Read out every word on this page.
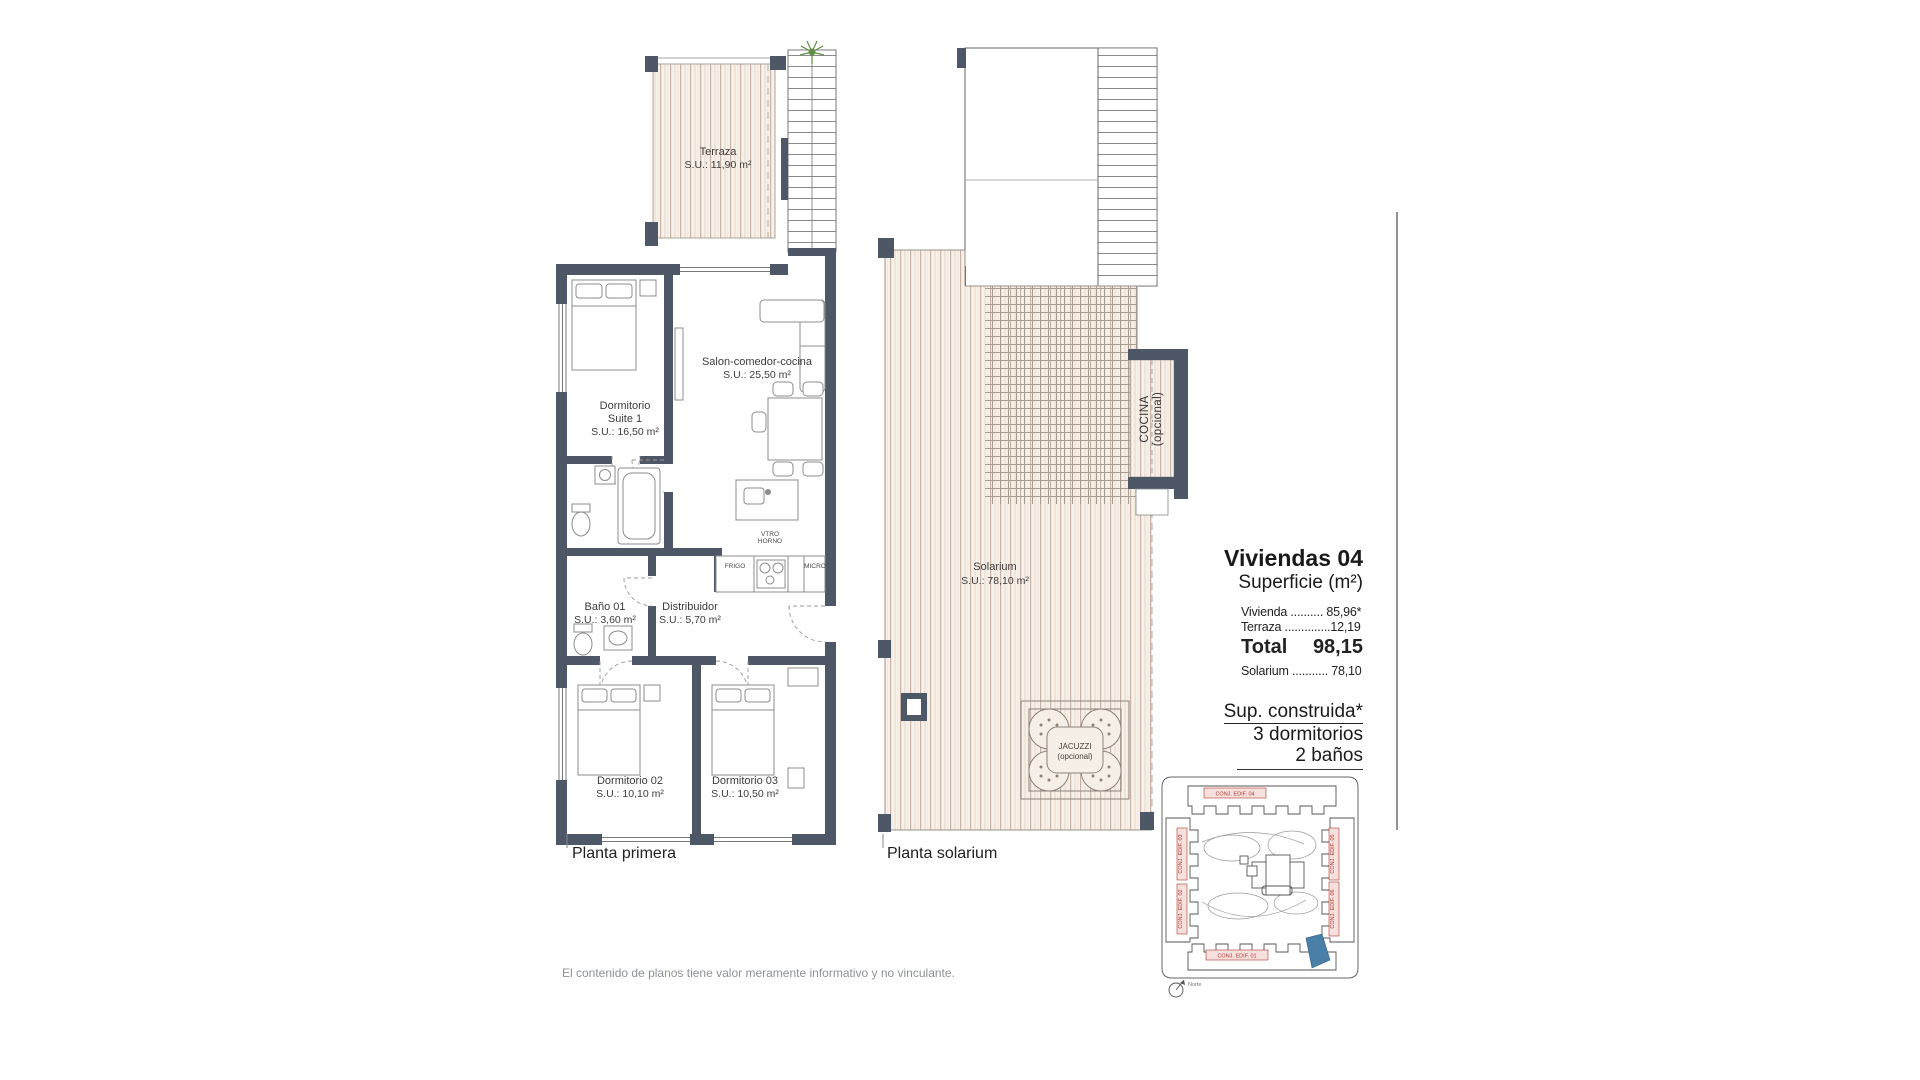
CONJ. EDIF. 04
CONJ. EDIF. 01
CONJ. EDIF. 03
CONJ. EDIF. 02
CONJ. EDIF. 05
CONJ. EDIF. 06
Norte
Terraza
S.U.: 11,90 m²
Salon-comedor-cocina
S.U.: 25,50 m²
Dormitorio
Suite 1
S.U.: 16,50 m²
Baño 01
S.U.: 3,60 m²
Distribuidor
S.U.: 5,70 m²
Dormitorio 02
S.U.: 10,10 m²
Dormitorio 03
S.U.: 10,50 m²
VTRO
HORNO
FRIGO	MICRO
Planta primera
Solarium
S.U.: 78,10 m²
JACUZZI
(opcional)
COCINA
(opcional)
Planta solarium
Viviendas 04
Superficie (m²)
Vivienda .......... 85,96*
Terraza ..............12,19
Total 98,15
Solarium ........... 78,10
Sup. construida*
3 dormitorios
2 baños
El contenido de planos tiene valor meramente informativo y no vinculante.
